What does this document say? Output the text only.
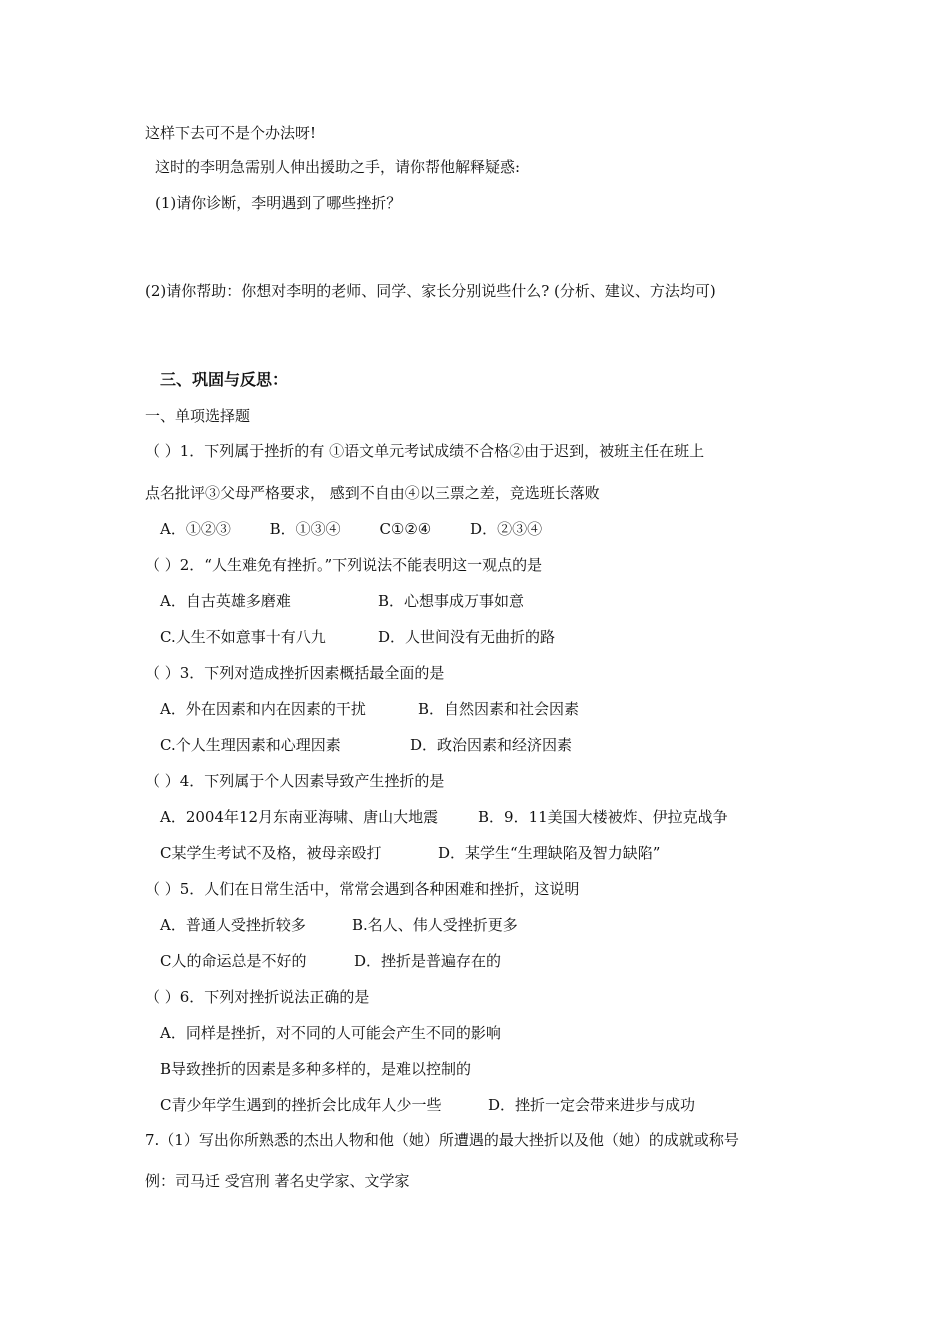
这样下去可不是个办法呀!
这时的李明急需别人伸出援助之手，请你帮他解释疑惑:
(1)请你诊断，李明遇到了哪些挫折？
(2)请你帮助：你想对李明的老师、同学、家长分别说些什么? (分析、建议、方法均可)
三、巩固与反思：
一、单项选择题
（ ）1．下列属于挫折的有 ①语文单元考试成绩不合格②由于迟到，被班主任在班上
点名批评③父母严格要求， 感到不自由④以三票之差，竞选班长落败
A．①②③	B．①③④	C①②④	D．②③④
（ ）2．“人生难免有挫折。”下列说法不能表明这一观点的是
A．自古英雄多磨难	B．心想事成万事如意
C.人生不如意事十有八九	D．人世间没有无曲折的路
（ ）3．下列对造成挫折因素概括最全面的是
A．外在因素和内在因素的干扰	B．自然因素和社会因素
C.个人生理因素和心理因素	D．政治因素和经济因素
（ ）4．下列属于个人因素导致产生挫折的是
A．2004年12月东南亚海啸、唐山大地震	B．9．11美国大楼被炸、伊拉克战争
C某学生考试不及格，被母亲殴打	D．某学生“生理缺陷及智力缺陷”
（ ）5．人们在日常生活中，常常会遇到各种困难和挫折，这说明
A．普通人受挫折较多	B.名人、伟人受挫折更多
C人的命运总是不好的	D．挫折是普遍存在的
（ ）6．下列对挫折说法正确的是
A．同样是挫折，对不同的人可能会产生不同的影响
B导致挫折的因素是多种多样的，是难以控制的
C青少年学生遇到的挫折会比成年人少一些	D．挫折一定会带来进步与成功
7.（1）写出你所熟悉的杰出人物和他（她）所遭遇的最大挫折以及他（她）的成就或称号
例：司马迁 受宫刑 著名史学家、文学家
